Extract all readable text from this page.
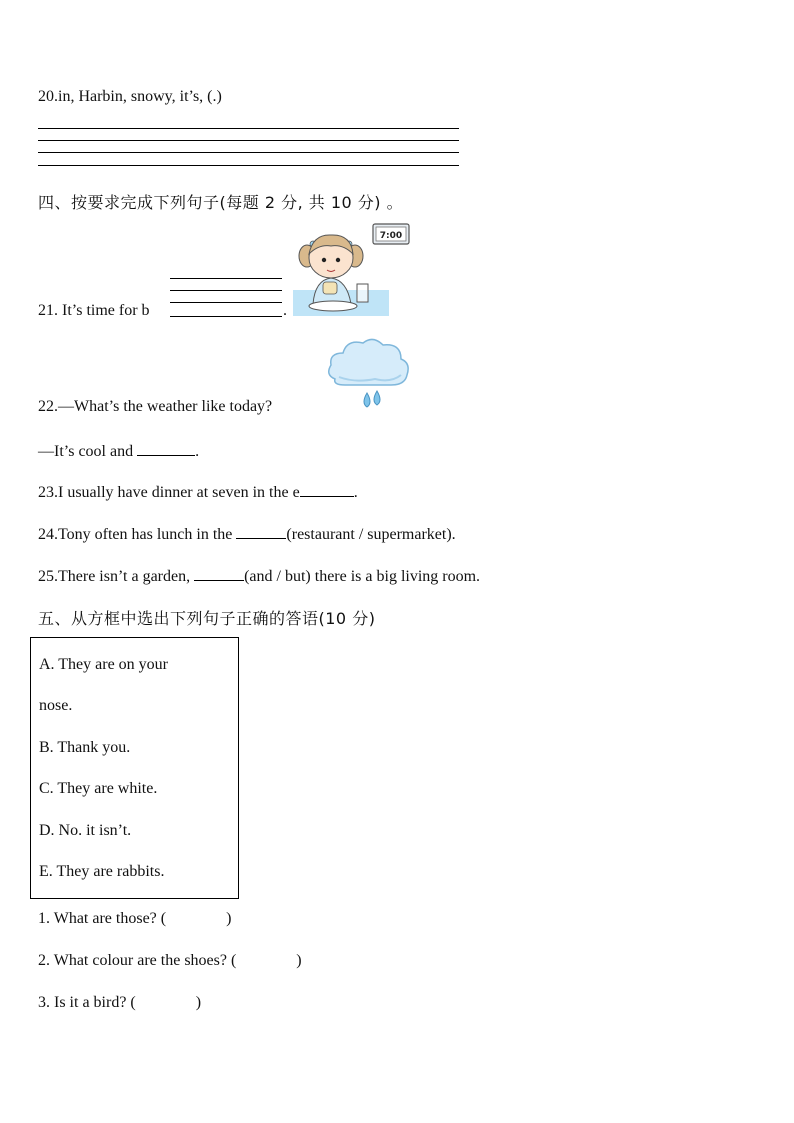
20.in, Harbin, snowy, it’s, (.)
四、按要求完成下列句子(每题 2 分, 共 10 分) 。
21. It’s time for b	.
7:00
22.—What’s the weather like today?
—It’s cool and	.
23.I usually have dinner at seven in the e	.
24.Tony often has lunch in the	(restaurant / supermarket).
25.There isn’t a garden,	(and / but) there is a big living room.
五、从方框中选出下列句子正确的答语(10 分)
A. They are on your
nose.
B. Thank you.
C. They are white.
D. No. it isn’t.
E. They are rabbits.
1. What are those? (	)
2. What colour are the shoes? (	)
3. Is it a bird? (	)
